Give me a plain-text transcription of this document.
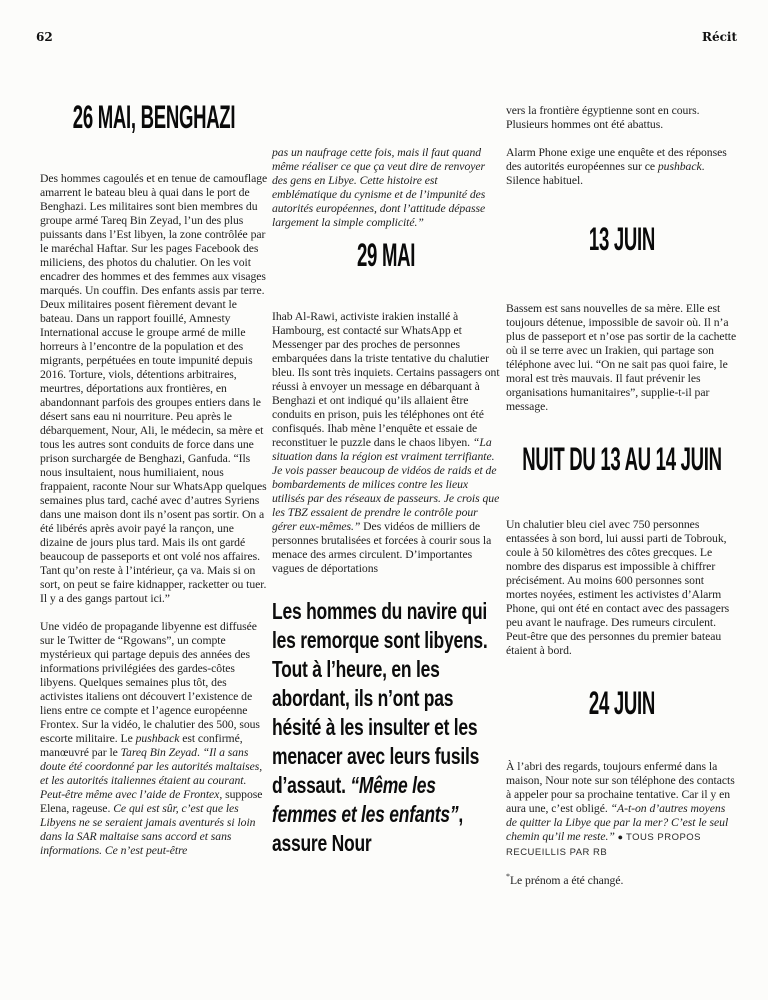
62	Récit
26 MAI, BENGHAZI
Des hommes cagoulés et en tenue de camouflage amarrent le bateau bleu à quai dans le port de Benghazi. Les militaires sont bien membres du groupe armé Tareq Bin Zeyad, l’un des plus puissants dans l’Est libyen, la zone contrôlée par le maréchal Haftar. Sur les pages Facebook des miliciens, des photos du chalutier. On les voit encadrer des hommes et des femmes aux visages marqués. Un couffin. Des enfants assis par terre. Deux militaires posent fièrement devant le bateau. Dans un rapport fouillé, Amnesty International accuse le groupe armé de mille horreurs à l’encontre de la population et des migrants, perpétuées en toute impunité depuis 2016. Torture, viols, détentions arbitraires, meurtres, déportations aux frontières, en abandonnant parfois des groupes entiers dans le désert sans eau ni nourriture. Peu après le débarquement, Nour, Ali, le médecin, sa mère et tous les autres sont conduits de force dans une prison surchargée de Benghazi, Ganfuda. “Ils nous insultaient, nous humiliaient, nous frappaient, raconte Nour sur WhatsApp quelques semaines plus tard, caché avec d’autres Syriens dans une maison dont ils n’osent pas sortir. On a été libérés après avoir payé la rançon, une dizaine de jours plus tard. Mais ils ont gardé beaucoup de passeports et ont volé nos affaires. Tant qu’on reste à l’intérieur, ça va. Mais si on sort, on peut se faire kidnapper, racketter ou tuer. Il y a des gangs partout ici.”
Une vidéo de propagande libyenne est diffusée sur le Twitter de “Rgowans”, un compte mystérieux qui partage depuis des années des informations privilégiées des gardes-côtes libyens. Quelques semaines plus tôt, des activistes italiens ont découvert l’existence de liens entre ce compte et l’agence européenne Frontex. Sur la vidéo, le chalutier des 500, sous escorte militaire. Le pushback est confirmé, manœuvré par le Tareq Bin Zeyad. “Il a sans doute été coordonné par les autorités maltaises, et les autorités italiennes étaient au courant. Peut-être même avec l’aide de Frontex, suppose Elena, rageuse. Ce qui est sûr, c’est que les Libyens ne se seraient jamais aventurés si loin dans la SAR maltaise sans accord et sans informations. Ce n’est peut-être
pas un naufrage cette fois, mais il faut quand même réaliser ce que ça veut dire de renvoyer des gens en Libye. Cette histoire est emblématique du cynisme et de l’impunité des autorités européennes, dont l’attitude dépasse largement la simple complicité.”
29 MAI
Ihab Al-Rawi, activiste irakien installé à Hambourg, est contacté sur WhatsApp et Messenger par des proches de personnes embarquées dans la triste tentative du chalutier bleu. Ils sont très inquiets. Certains passagers ont réussi à envoyer un message en débarquant à Benghazi et ont indiqué qu’ils allaient être conduits en prison, puis les téléphones ont été confisqués. Ihab mène l’enquête et essaie de reconstituer le puzzle dans le chaos libyen. “La situation dans la région est vraiment terrifiante. Je vois passer beaucoup de vidéos de raids et de bombardements de milices contre les lieux utilisés par des réseaux de passeurs. Je crois que les TBZ essaient de prendre le contrôle pour gérer eux-mêmes.” Des vidéos de milliers de personnes brutalisées et forcées à courir sous la menace des armes circulent. D’importantes vagues de déportations
Les hommes du navire qui les remorque sont libyens. Tout à l’heure, en les abordant, ils n’ont pas hésité à les insulter et les menacer avec leurs fusils d’assaut. “Même les femmes et les enfants”, assure Nour
vers la frontière égyptienne sont en cours. Plusieurs hommes ont été abattus.
Alarm Phone exige une enquête et des réponses des autorités européennes sur ce pushback. Silence habituel.
13 JUIN
Bassem est sans nouvelles de sa mère. Elle est toujours détenue, impossible de savoir où. Il n’a plus de passeport et n’ose pas sortir de la cachette où il se terre avec un Irakien, qui partage son téléphone avec lui. “On ne sait pas quoi faire, le moral est très mauvais. Il faut prévenir les organisations humanitaires”, supplie-t-il par message.
NUIT DU 13 AU 14 JUIN
Un chalutier bleu ciel avec 750 personnes entassées à son bord, lui aussi parti de Tobrouk, coule à 50 kilomètres des côtes grecques. Le nombre des disparus est impossible à chiffrer précisément. Au moins 600 personnes sont mortes noyées, estiment les activistes d’Alarm Phone, qui ont été en contact avec des passagers peu avant le naufrage. Des rumeurs circulent. Peut-être que des personnes du premier bateau étaient à bord.
24 JUIN
À l’abri des regards, toujours enfermé dans la maison, Nour note sur son téléphone des contacts à appeler pour sa prochaine tentative. Car il y en aura une, c’est obligé. “A-t-on d’autres moyens de quitter la Libye que par la mer? C’est le seul chemin qu’il me reste.” ● TOUS PROPOS RECUEILLIS PAR RB
*Le prénom a été changé.
